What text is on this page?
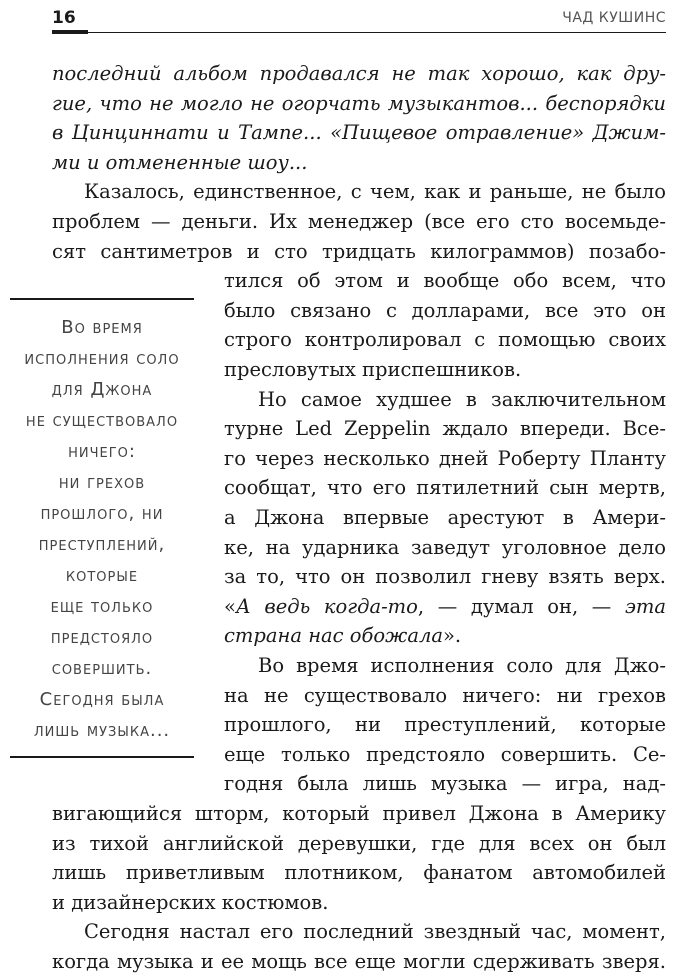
16	ЧАД КУШИНС
последний альбом продавался не так хорошо, как дру-
гие, что не могло не огорчать музыкантов... беспорядки
в Цинциннати и Тампе... «Пищевое отравление» Джим-
ми и отмененные шоу...
Казалось, единственное, с чем, как и раньше, не было
проблем — деньги. Их менеджер (все его сто восемьде-
сят сантиметров и сто тридцать килограммов) позабо-
тился об этом и вообще обо всем, что
было связано с долларами, все это он
строго контролировал с помощью своих
пресловутых приспешников.
Но самое худшее в заключительном
турне Led Zeppelin ждало впереди. Все-
го через несколько дней Роберту Планту
сообщат, что его пятилетний сын мертв,
а Джона впервые арестуют в Амери-
ке, на ударника заведут уголовное дело
за то, что он позволил гневу взять верх.
«А ведь когда-то, — думал он, — эта
страна нас обожала».
Во время исполнения соло для Джо-
на не существовало ничего: ни грехов
прошлого, ни преступлений, которые
еще только предстояло совершить. Се-
годня была лишь музыка — игра, над-
вигающийся шторм, который привел Джона в Америку
из тихой английской деревушки, где для всех он был
лишь приветливым плотником, фанатом автомобилей
и дизайнерских костюмов.
Сегодня настал его последний звездный час, момент,
когда музыка и ее мощь все еще могли сдерживать зверя.
Во время
исполнения соло
для Джона
не существовало
ничего:
ни грехов
прошлого, ни
преступлений,
которые
еще только
предстояло
совершить.
Сегодня была
лишь музыка...
